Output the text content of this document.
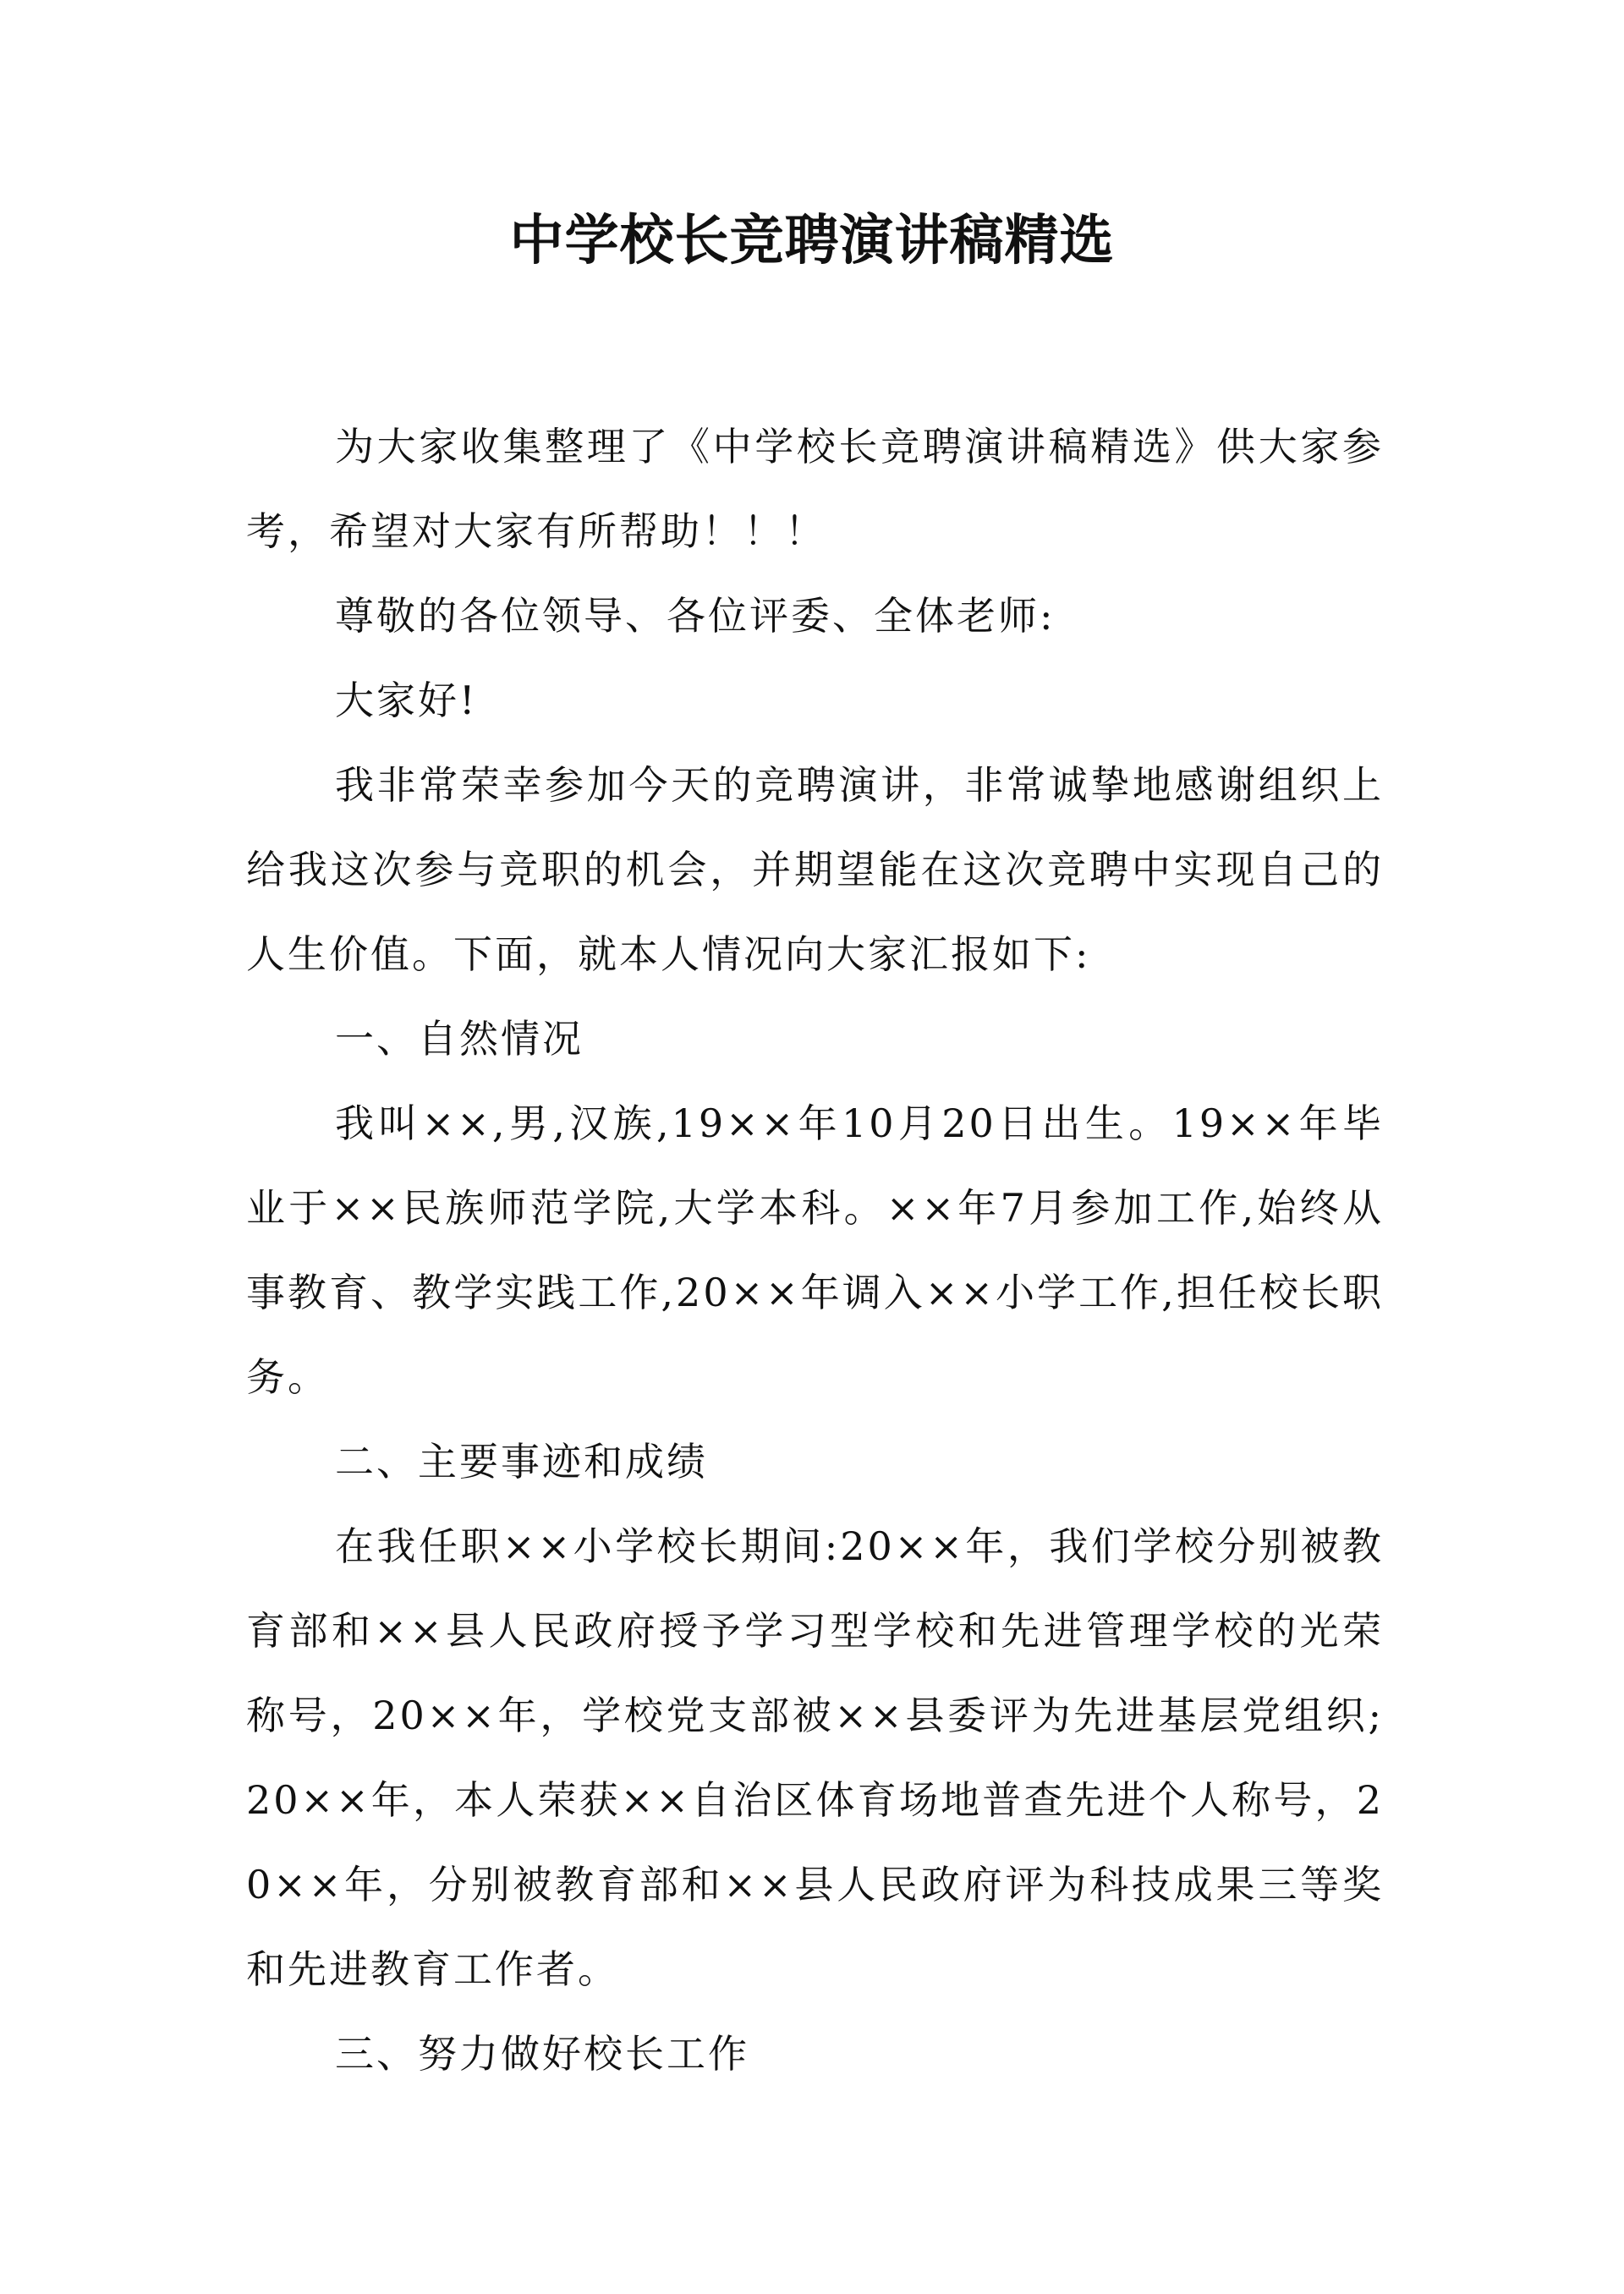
中学校长竞聘演讲稿精选

为大家收集整理了《中学校长竞聘演讲稿精选》供大家参考，希望对大家有所帮助！！！

尊敬的各位领导、各位评委、全体老师:

大家好!

我非常荣幸参加今天的竞聘演讲，非常诚挚地感谢组织上给我这次参与竞职的机会，并期望能在这次竞聘中实现自己的人生价值。下面，就本人情况向大家汇报如下:

一、自然情况

我叫××,男,汉族,19××年10月20日出生。19××年毕业于××民族师范学院,大学本科。××年7月参加工作,始终从事教育、教学实践工作,20××年调入××小学工作,担任校长职务。

二、主要事迹和成绩

在我任职××小学校长期间:20××年，我们学校分别被教育部和××县人民政府授予学习型学校和先进管理学校的光荣称号，20××年，学校党支部被××县委评为先进基层党组织;20××年，本人荣获××自治区体育场地普查先进个人称号，20××年，分别被教育部和××县人民政府评为科技成果三等奖和先进教育工作者。

三、努力做好校长工作
